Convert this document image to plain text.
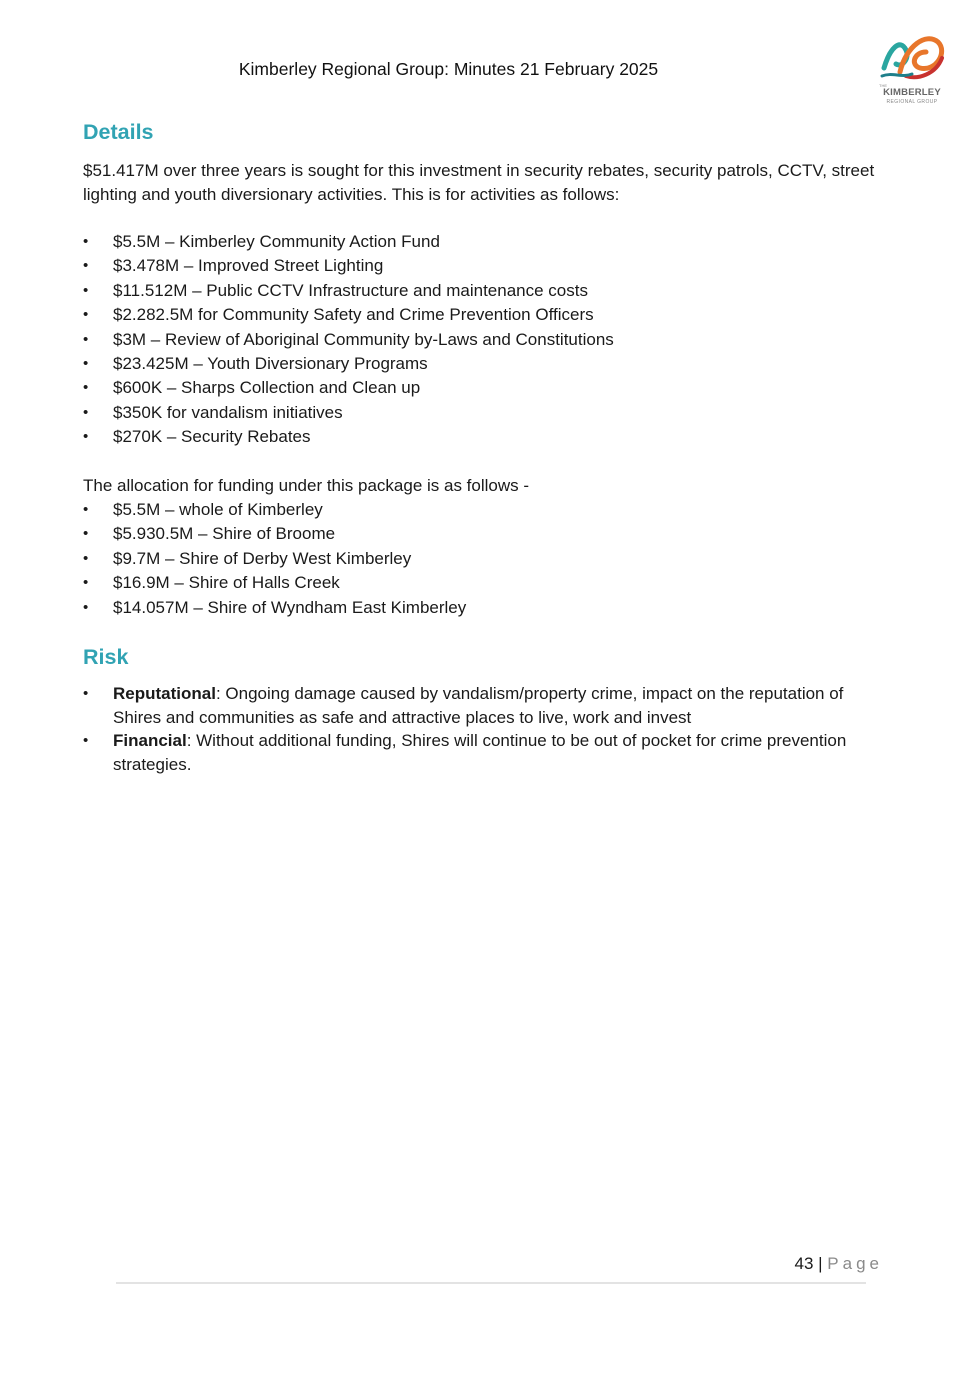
Kimberley Regional Group: Minutes 21 February 2025
THE
KIMBERLEY
REGIONAL GROUP
Details

$51.417M over three years is sought for this investment in security rebates, security patrols, CCTV, street lighting and youth diversionary activities. This is for activities as follows:

• $5.5M – Kimberley Community Action Fund
• $3.478M – Improved Street Lighting
• $11.512M – Public CCTV Infrastructure and maintenance costs
• $2.282.5M for Community Safety and Crime Prevention Officers
• $3M – Review of Aboriginal Community by-Laws and Constitutions
• $23.425M – Youth Diversionary Programs
• $600K – Sharps Collection and Clean up
• $350K for vandalism initiatives
• $270K – Security Rebates

The allocation for funding under this package is as follows -

• $5.5M – whole of Kimberley
• $5.930.5M – Shire of Broome
• $9.7M – Shire of Derby West Kimberley
• $16.9M – Shire of Halls Creek
• $14.057M – Shire of Wyndham East Kimberley
Risk
• Reputational: Ongoing damage caused by vandalism/property crime, impact on the reputation of Shires and communities as safe and attractive places to live, work and invest
• Financial: Without additional funding, Shires will continue to be out of pocket for crime prevention strategies.
43 | Page
